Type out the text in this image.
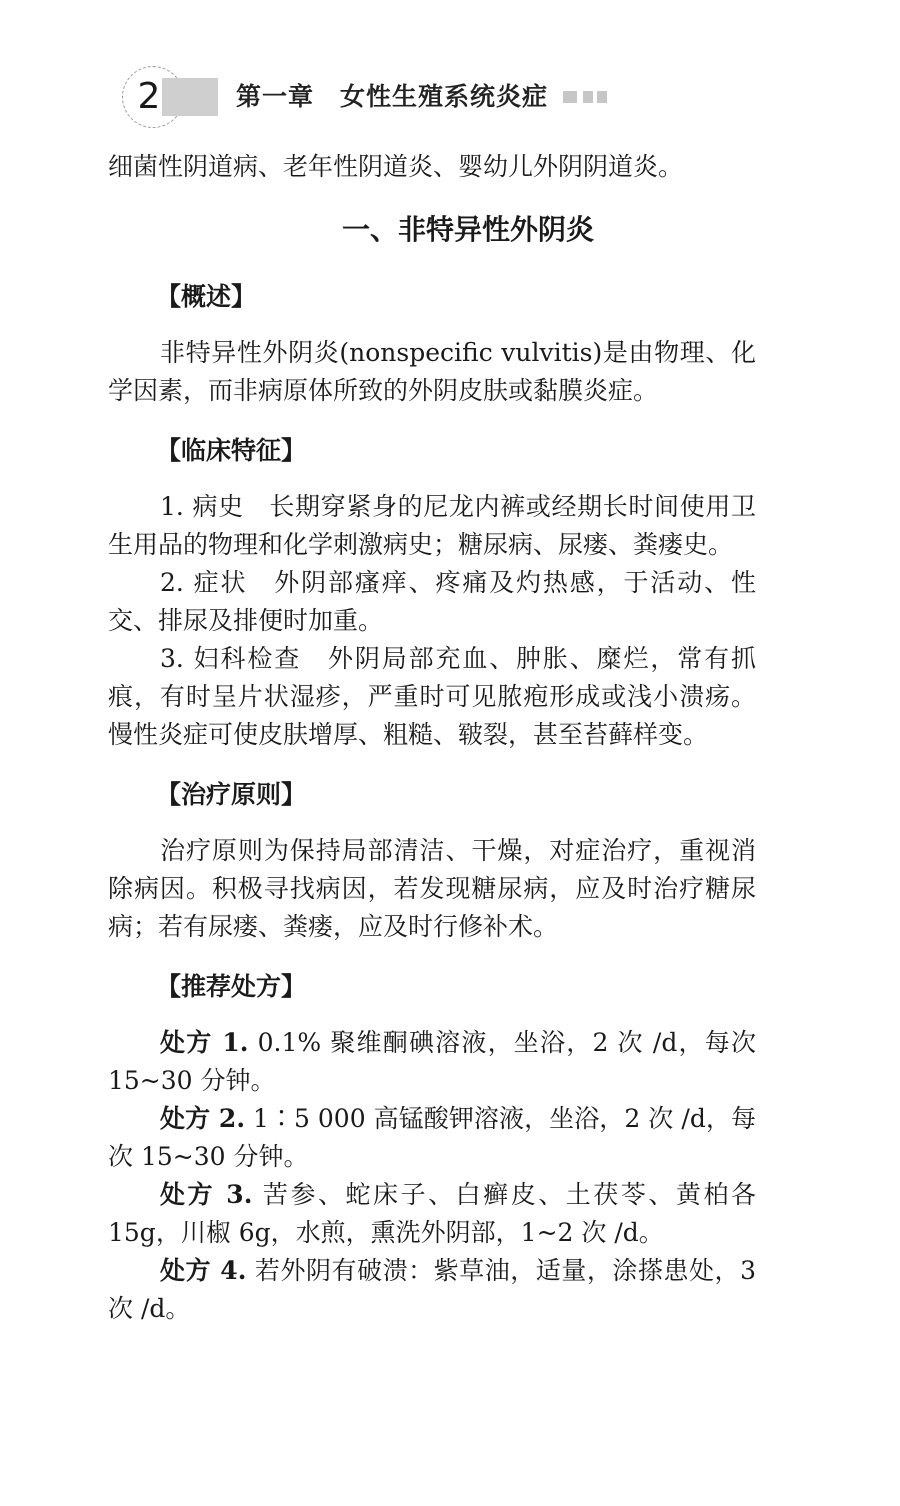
2	第一章　女性生殖系统炎症

细菌性阴道病、老年性阴道炎、婴幼儿外阴阴道炎。

一、非特异性外阴炎
【概述】

非特异性外阴炎(nonspecific vulvitis)是由物理、化学因素，而非病原体所致的外阴皮肤或黏膜炎症。

【临床特征】

1. 病史　长期穿紧身的尼龙内裤或经期长时间使用卫生用品的物理和化学刺激病史；糖尿病、尿瘘、粪瘘史。

2. 症状　外阴部瘙痒、疼痛及灼热感，于活动、性交、排尿及排便时加重。

3. 妇科检查　外阴局部充血、肿胀、糜烂，常有抓痕，有时呈片状湿疹，严重时可见脓疱形成或浅小溃疡。慢性炎症可使皮肤增厚、粗糙、皲裂，甚至苔藓样变。

【治疗原则】

治疗原则为保持局部清洁、干燥，对症治疗，重视消除病因。积极寻找病因，若发现糖尿病，应及时治疗糖尿病；若有尿瘘、粪瘘，应及时行修补术。

【推荐处方】

处方 1. 0.1% 聚维酮碘溶液，坐浴，2 次 /d，每次 15~30 分钟。

处方 2. 1∶5 000 高锰酸钾溶液，坐浴，2 次 /d，每次 15~30 分钟。

处方 3. 苦参、蛇床子、白癣皮、土茯苓、黄柏各 15g，川椒 6g，水煎，熏洗外阴部，1~2 次 /d。

处方 4. 若外阴有破溃：紫草油，适量，涂搽患处，3 次 /d。
